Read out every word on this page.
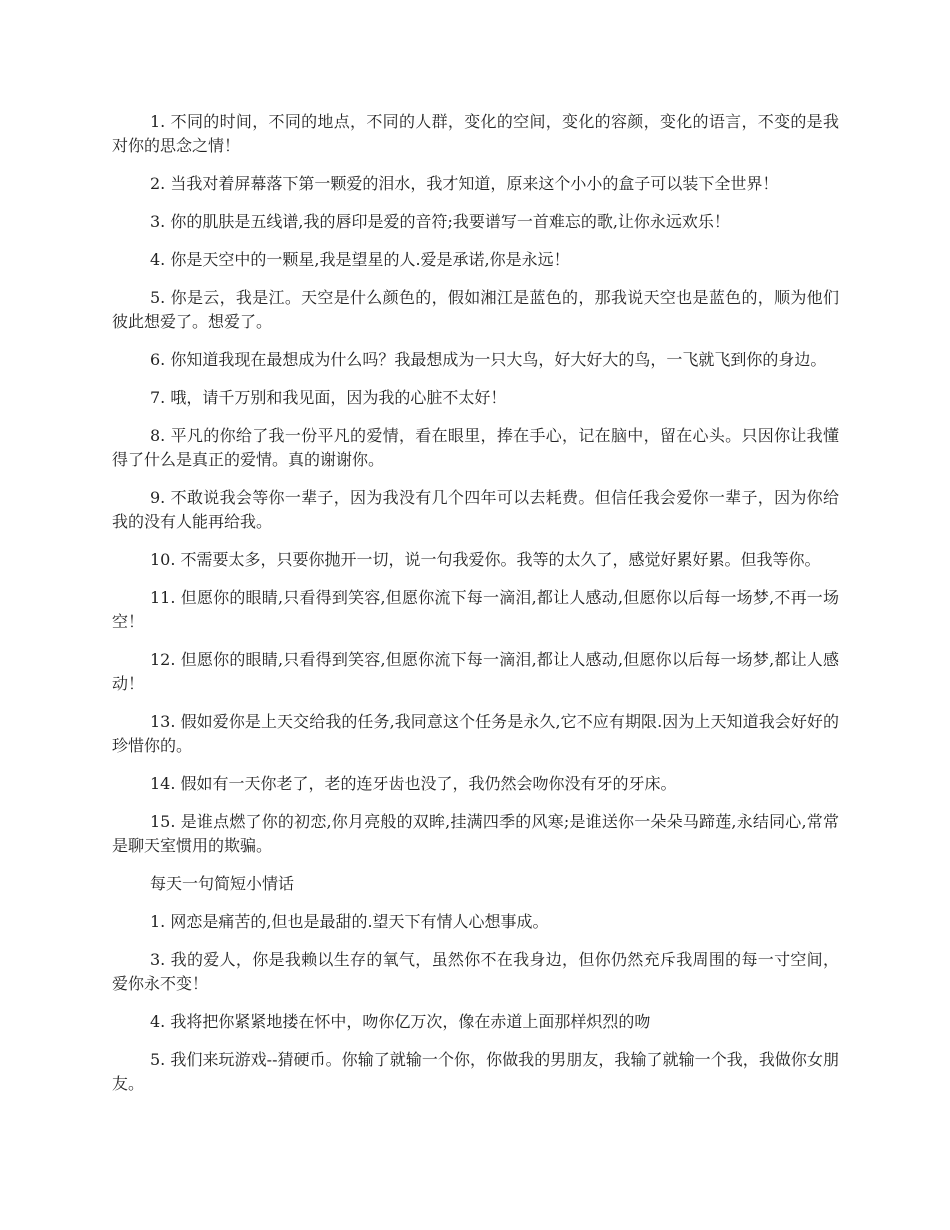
1. 不同的时间，不同的地点，不同的人群，变化的空间，变化的容颜，变化的语言，不变的是我对你的思念之情！

2. 当我对着屏幕落下第一颗爱的泪水，我才知道，原来这个小小的盒子可以装下全世界！

3. 你的肌肤是五线谱,我的唇印是爱的音符;我要谱写一首难忘的歌,让你永远欢乐！

4. 你是天空中的一颗星,我是望星的人.爱是承诺,你是永远！

5. 你是云，我是江。天空是什么颜色的，假如湘江是蓝色的，那我说天空也是蓝色的，顺为他们彼此想爱了。想爱了。

6. 你知道我现在最想成为什么吗？我最想成为一只大鸟，好大好大的鸟，一飞就飞到你的身边。

7. 哦，请千万别和我见面，因为我的心脏不太好！

8. 平凡的你给了我一份平凡的爱情，看在眼里，捧在手心，记在脑中，留在心头。只因你让我懂得了什么是真正的爱情。真的谢谢你。

9. 不敢说我会等你一辈子，因为我没有几个四年可以去耗费。但信任我会爱你一辈子，因为你给我的没有人能再给我。

10. 不需要太多，只要你抛开一切，说一句我爱你。我等的太久了，感觉好累好累。但我等你。

11. 但愿你的眼睛,只看得到笑容,但愿你流下每一滴泪,都让人感动,但愿你以后每一场梦,不再一场空！

12. 但愿你的眼睛,只看得到笑容,但愿你流下每一滴泪,都让人感动,但愿你以后每一场梦,都让人感动！

13. 假如爱你是上天交给我的任务,我同意这个任务是永久,它不应有期限.因为上天知道我会好好的珍惜你的。

14. 假如有一天你老了，老的连牙齿也没了，我仍然会吻你没有牙的牙床。

15. 是谁点燃了你的初恋,你月亮般的双眸,挂满四季的风寒;是谁送你一朵朵马蹄莲,永结同心,常常是聊天室惯用的欺骗。

每天一句简短小情话

1. 网恋是痛苦的,但也是最甜的.望天下有情人心想事成。

3. 我的爱人，你是我赖以生存的氧气，虽然你不在我身边，但你仍然充斥我周围的每一寸空间，爱你永不变！

4. 我将把你紧紧地搂在怀中，吻你亿万次，像在赤道上面那样炽烈的吻

5. 我们来玩游戏--猜硬币。你输了就输一个你，你做我的男朋友，我输了就输一个我，我做你女朋友。
